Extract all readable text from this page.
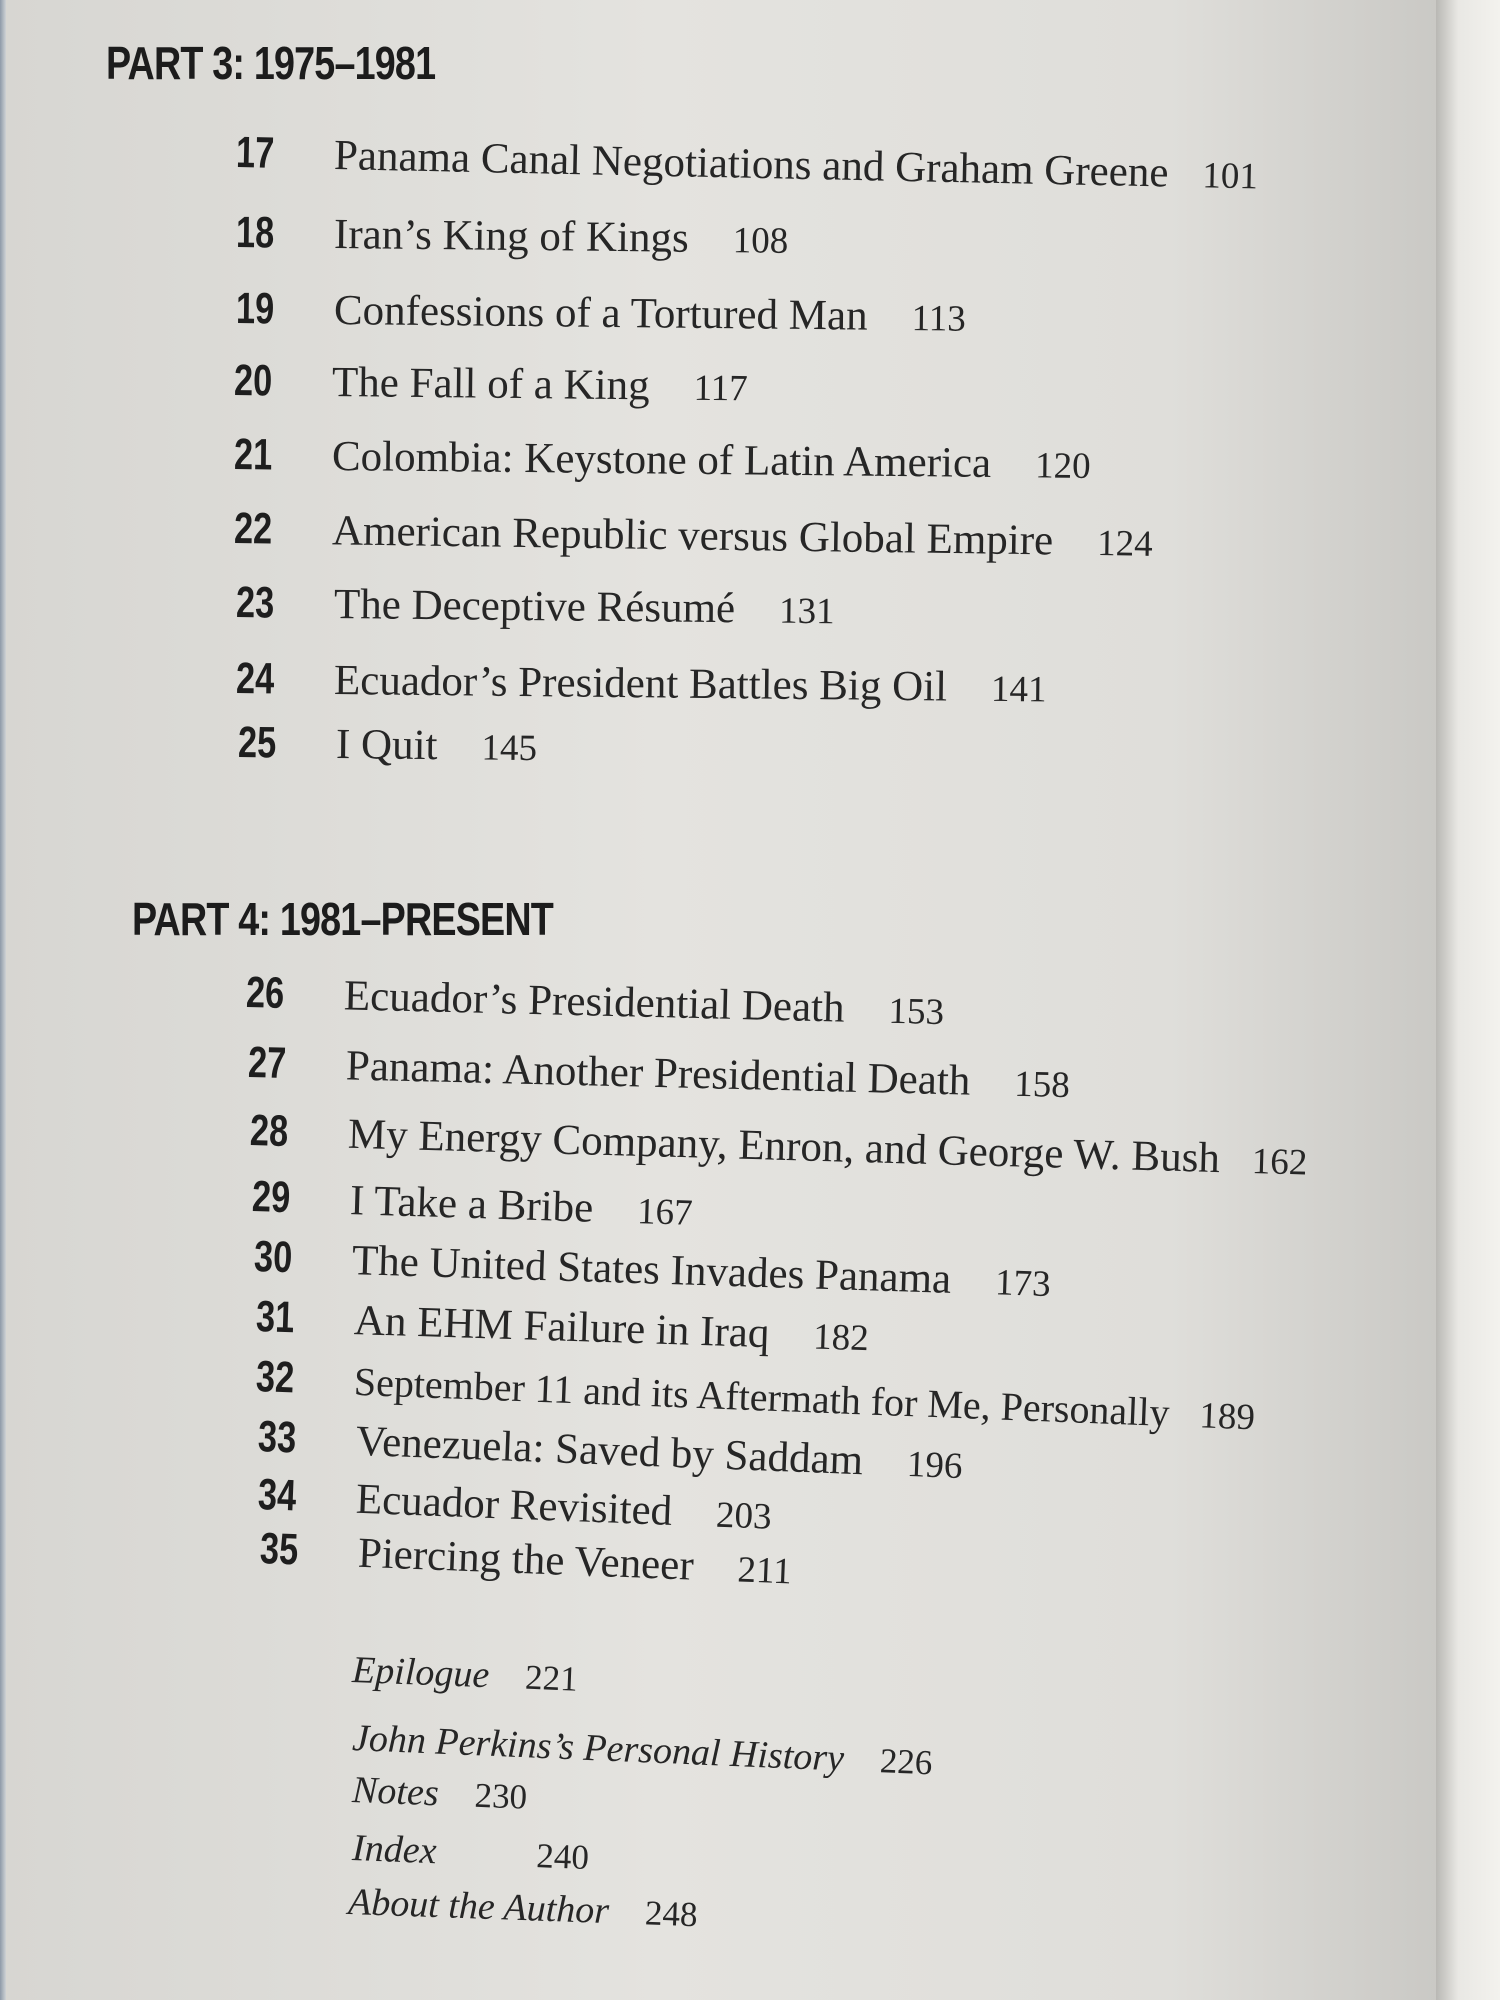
PART 3: 1975–1981
17	Panama Canal Negotiations and Graham Greene 101
18	Iran’s King of Kings 108
19	Confessions of a Tortured Man 113
20	The Fall of a King 117
21	Colombia: Keystone of Latin America 120
22	American Republic versus Global Empire 124
23	The Deceptive Résumé 131
24	Ecuador’s President Battles Big Oil 141
25	I Quit 145
PART 4: 1981–PRESENT
26	Ecuador’s Presidential Death 153
27	Panama: Another Presidential Death 158
28	My Energy Company, Enron, and George W. Bush 162
29	I Take a Bribe 167
30	The United States Invades Panama 173
31	An EHM Failure in Iraq 182
32	September 11 and its Aftermath for Me, Personally 189
33	Venezuela: Saved by Saddam 196
34	Ecuador Revisited 203
35	Piercing the Veneer 211
Epilogue 221
John Perkins’s Personal History 226
Notes 230
Index	240
About the Author 248
